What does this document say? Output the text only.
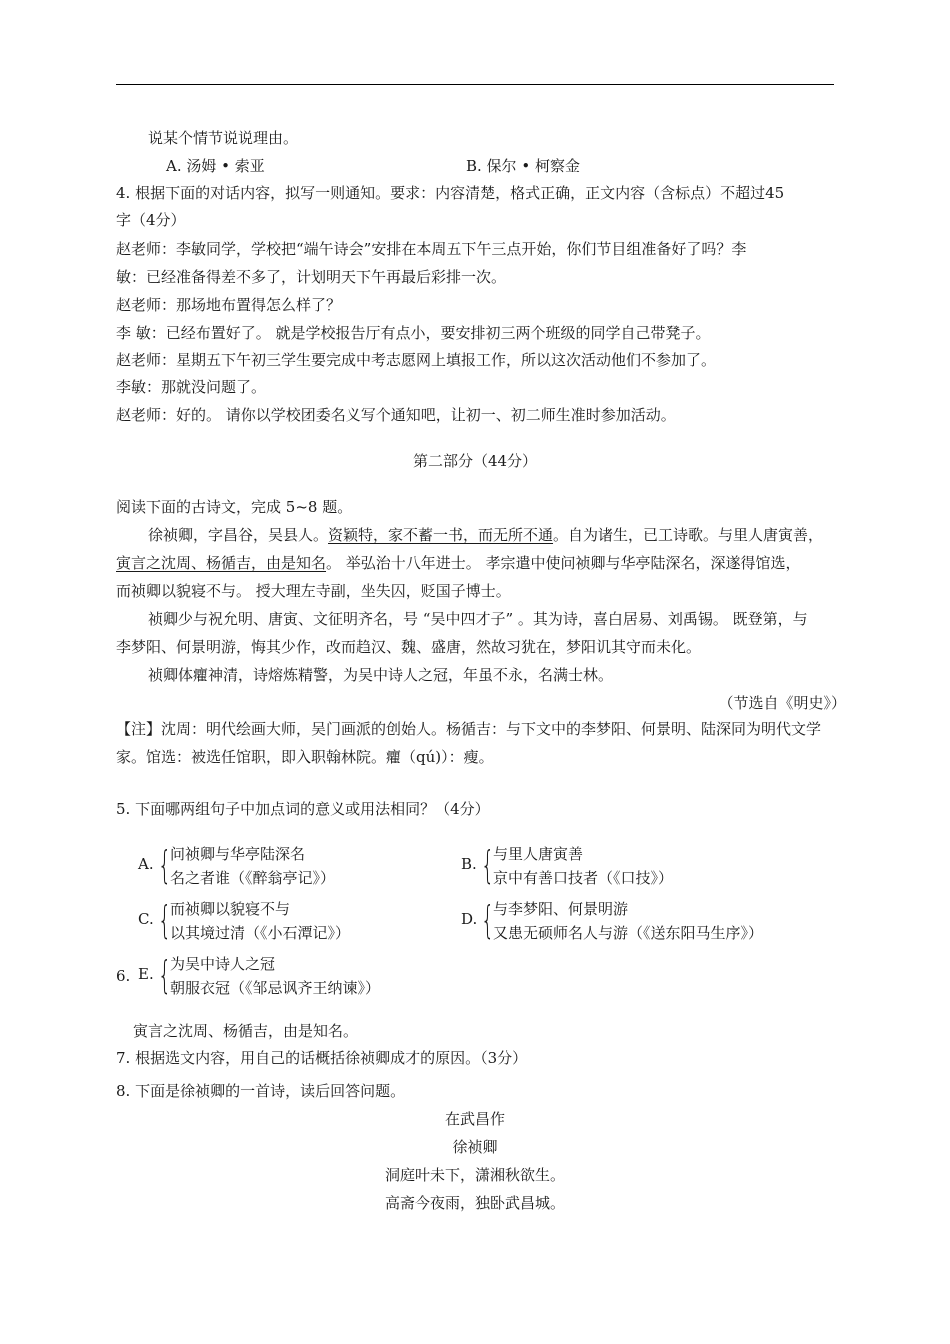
说某个情节说说理由。
A. 汤姆 • 索亚	B. 保尔 • 柯察金
4. 根据下面的对话内容，拟写一则通知。要求：内容清楚，格式正确，正文内容（含标点）不超过45
字（4分）
赵老师：李敏同学，学校把“端午诗会”安排在本周五下午三点开始，你们节目组准备好了吗？李
敏：已经准备得差不多了，计划明天下午再最后彩排一次。
赵老师：那场地布置得怎么样了？
李 敏：已经布置好了。 就是学校报告厅有点小，要安排初三两个班级的同学自己带凳子。
赵老师：星期五下午初三学生要完成中考志愿网上填报工作，所以这次活动他们不参加了。
李敏：那就没问题了。
赵老师：好的。 请你以学校团委名义写个通知吧，让初一、初二师生准时参加活动。
第二部分（44分）
阅读下面的古诗文，完成 5~8 题。
徐祯卿，字昌谷，吴县人。资颖特，家不蓄一书，而无所不通。自为诸生，已工诗歌。与里人唐寅善，
寅言之沈周、杨循吉，由是知名。 举弘治十八年进士。 孝宗遣中使问祯卿与华亭陆深名，深遂得馆选，
而祯卿以貌寝不与。 授大理左寺副，坐失囚，贬国子博士。
祯卿少与祝允明、唐寅、文征明齐名，号 “吴中四才子” 。其为诗，喜白居易、刘禹锡。 既登第，与
李梦阳、何景明游，悔其少作，改而趋汉、魏、盛唐，然故习犹在，梦阳讥其守而未化。
祯卿体癯神清，诗熔炼精警，为吴中诗人之冠，年虽不永，名满士林。
（节选自《明史》）
【注】沈周：明代绘画大师，吴门画派的创始人。杨循吉：与下文中的李梦阳、何景明、陆深同为明代文学
家。馆选：被选任馆职，即入职翰林院。癯（qú)）：瘦。
5. 下面哪两组句子中加点词的意义或用法相同？（4分）
A. {
问祯卿与华亭陆深名
名之者谁（《醉翁亭记》）
B. {
与里人唐寅善
京中有善口技者（《口技》）
C. {
而祯卿以貌寝不与
以其境过清（《小石潭记》）
D. {
与李梦阳、何景明游
又患无硕师名人与游（《送东阳马生序》）
6. E. {
为吴中诗人之冠
朝服衣冠（《邹忌讽齐王纳谏》）
寅言之沈周、杨循吉，由是知名。
7. 根据选文内容，用自己的话概括徐祯卿成才的原因。（3分）
8. 下面是徐祯卿的一首诗，读后回答问题。
在武昌作
徐祯卿
洞庭叶未下，潇湘秋欲生。
高斋今夜雨，独卧武昌城。
